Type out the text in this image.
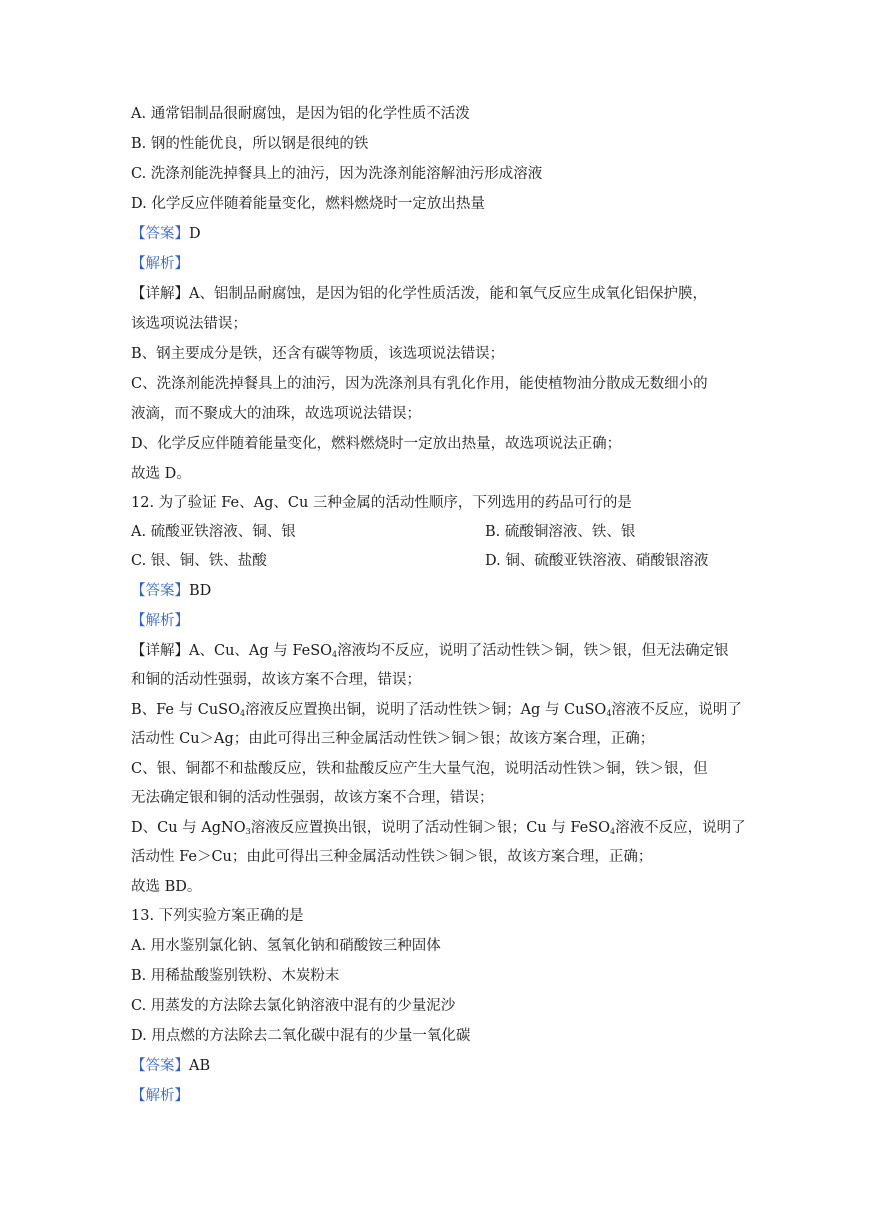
A. 通常铝制品很耐腐蚀，是因为铝的化学性质不活泼
B. 钢的性能优良，所以钢是很纯的铁
C. 洗涤剂能洗掉餐具上的油污，因为洗涤剂能溶解油污形成溶液
D. 化学反应伴随着能量变化，燃料燃烧时一定放出热量
【答案】D
【解析】
【详解】A、铝制品耐腐蚀，是因为铝的化学性质活泼，能和氧气反应生成氧化铝保护膜，
该选项说法错误；
B、钢主要成分是铁，还含有碳等物质，该选项说法错误；
C、洗涤剂能洗掉餐具上的油污，因为洗涤剂具有乳化作用，能使植物油分散成无数细小的
液滴，而不聚成大的油珠，故选项说法错误；
D、化学反应伴随着能量变化，燃料燃烧时一定放出热量，故选项说法正确；
故选 D。
12. 为了验证 Fe、Ag、Cu 三种金属的活动性顺序，下列选用的药品可行的是
A. 硫酸亚铁溶液、铜、银	B. 硫酸铜溶液、铁、银
C. 银、铜、铁、盐酸	D. 铜、硫酸亚铁溶液、硝酸银溶液
【答案】BD
【解析】
【详解】A、Cu、Ag 与 FeSO$_4$溶液均不反应，说明了活动性铁＞铜，铁＞银，但无法确定银
和铜的活动性强弱，故该方案不合理，错误；
B、Fe 与 CuSO$_4$溶液反应置换出铜，说明了活动性铁＞铜；Ag 与 CuSO$_4$溶液不反应，说明了
活动性 Cu＞Ag；由此可得出三种金属活动性铁＞铜＞银；故该方案合理，正确；
C、银、铜都不和盐酸反应，铁和盐酸反应产生大量气泡，说明活动性铁＞铜，铁＞银，但
无法确定银和铜的活动性强弱，故该方案不合理，错误；
D、Cu 与 AgNO$_3$溶液反应置换出银，说明了活动性铜＞银；Cu 与 FeSO$_4$溶液不反应，说明了
活动性 Fe＞Cu；由此可得出三种金属活动性铁＞铜＞银，故该方案合理，正确；
故选 BD。
13. 下列实验方案正确的是
A. 用水鉴别氯化钠、氢氧化钠和硝酸铵三种固体
B. 用稀盐酸鉴别铁粉、木炭粉末
C. 用蒸发的方法除去氯化钠溶液中混有的少量泥沙
D. 用点燃的方法除去二氧化碳中混有的少量一氧化碳
【答案】AB
【解析】
